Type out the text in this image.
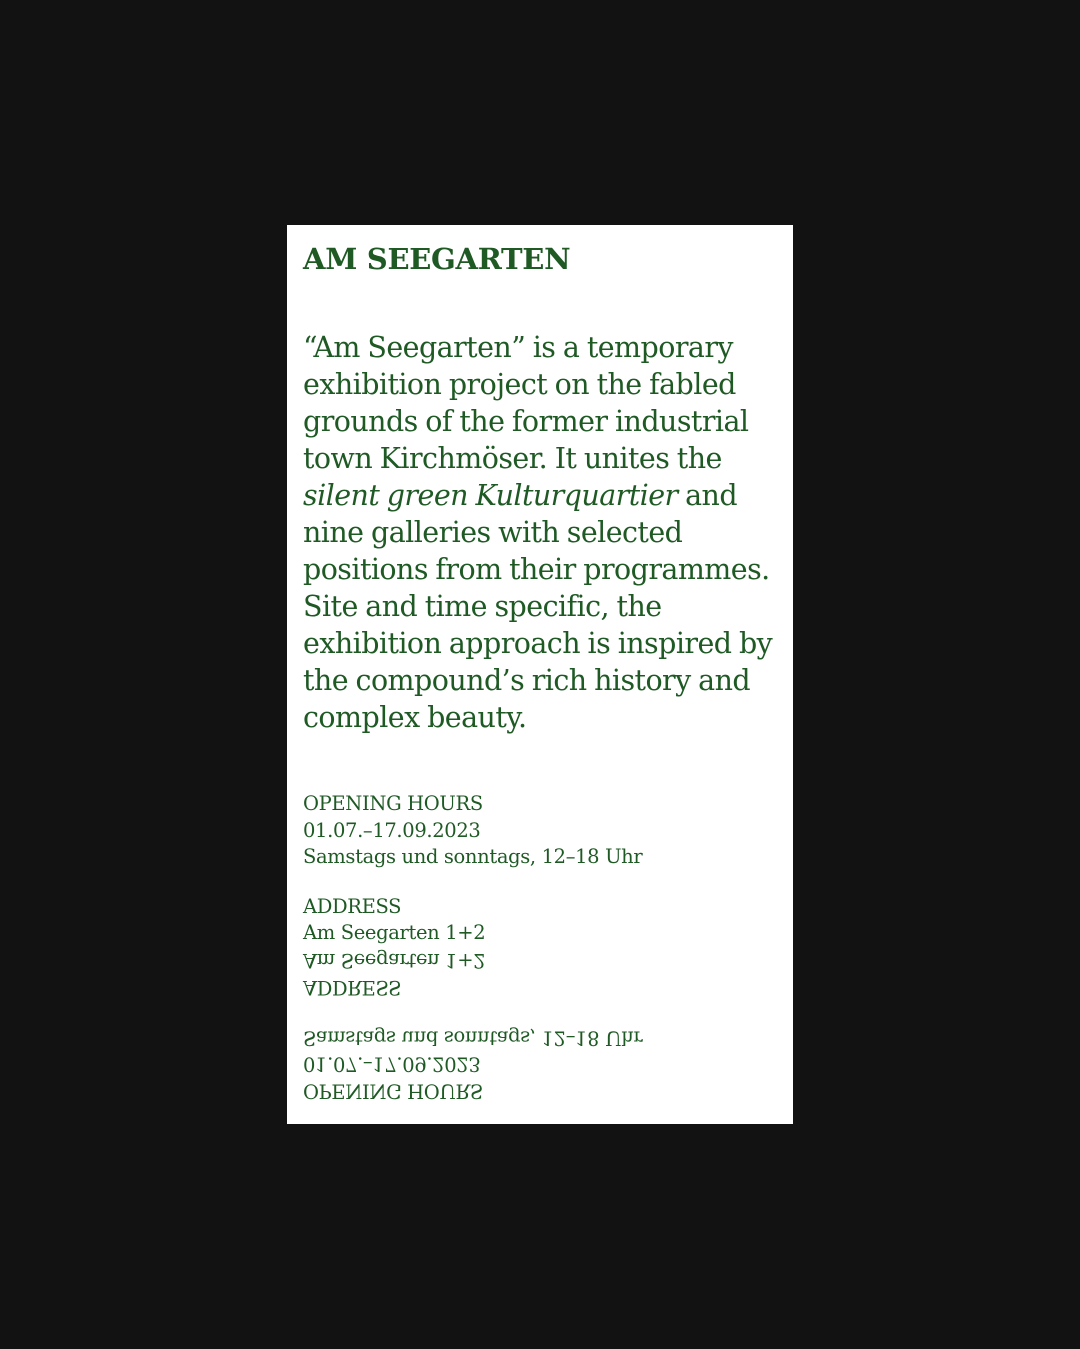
AM SEEGARTEN

“Am Seegarten” is a temporary exhibition project on the fabled grounds of the former industrial town Kirchmöser. It unites the silent green Kulturquartier and nine galleries with selected positions from their programmes. Site and time specific, the exhibition approach is inspired by the compound’s rich history and complex beauty.

OPENING HOURS
01.07.–17.09.2023
Samstags und sonntags, 12–18 Uhr
ADDRESS
Am Seegarten 1+2
ADDRESS
Am Seegarten 1+2
OPENING HOURS
01.07.–17.09.2023
Samstags und sonntags, 12–18 Uhr
